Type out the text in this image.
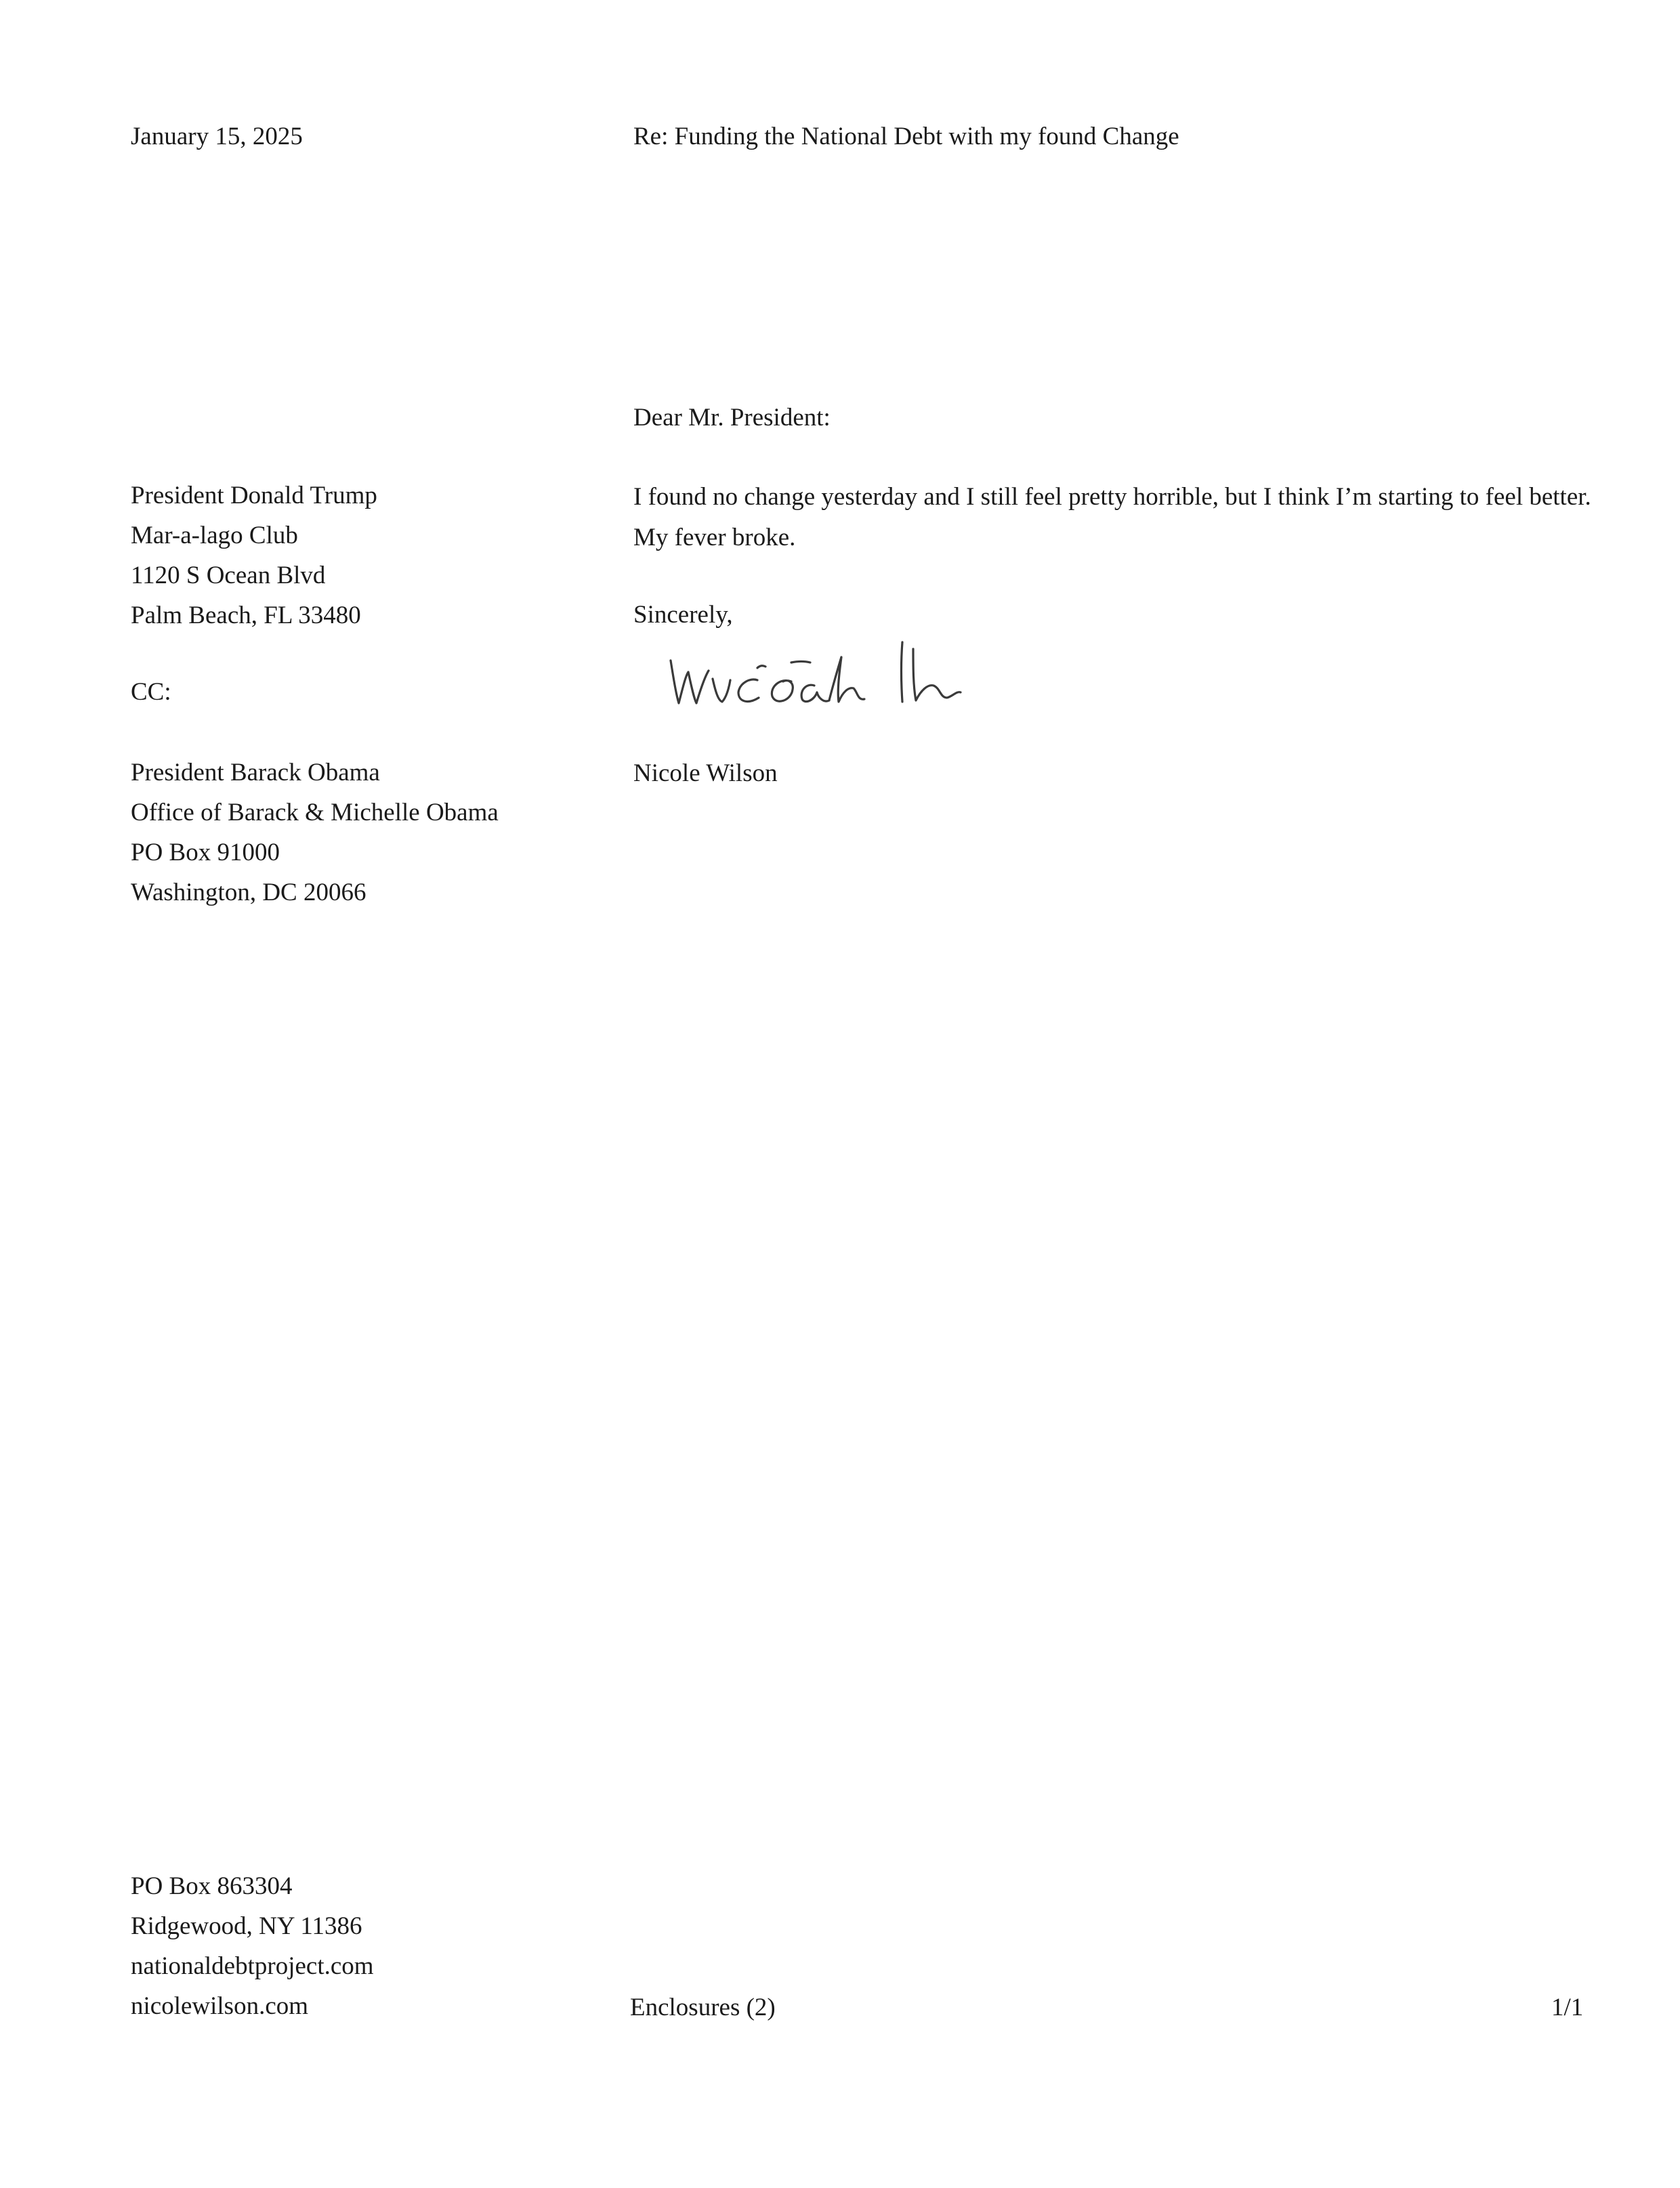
January 15, 2025	Re: Funding the National Debt with my found Change
Dear Mr. President:
President Donald Trump
Mar-a-lago Club
1120 S Ocean Blvd
Palm Beach, FL 33480
I found no change yesterday and I still feel pretty horrible, but I think I’m starting to feel better. My fever broke.
Sincerely,
CC:
President Barack Obama
Office of Barack & Michelle Obama
PO Box 91000
Washington, DC 20066
Nicole Wilson
PO Box 863304
Ridgewood, NY 11386
nationaldebtproject.com
nicolewilson.com	Enclosures (2)	1/1
